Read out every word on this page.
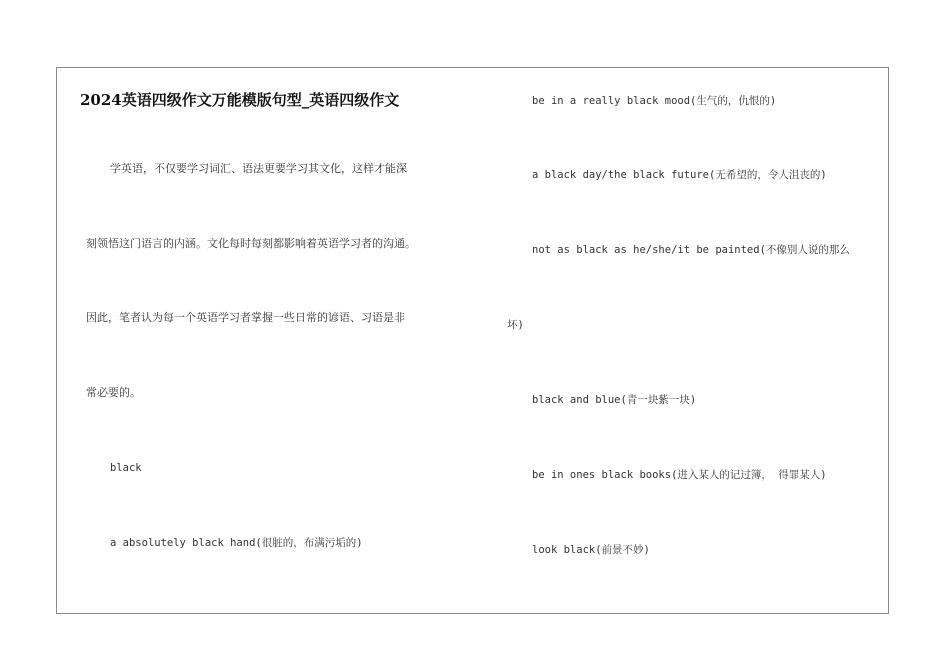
2024英语四级作文万能模版句型_英语四级作文
学英语，不仅要学习词汇、语法更要学习其文化，这样才能深
刻领悟这门语言的内涵。文化每时每刻都影响着英语学习者的沟通。
因此，笔者认为每一个英语学习者掌握一些日常的谚语、习语是非
常必要的。
black
a absolutely black hand(很脏的，布满污垢的)
be in a really black mood(生气的，仇恨的)
a black day/the black future(无希望的，令人沮丧的)
not as black as he/she/it be painted(不像别人说的那么
坏)
black and blue(青一块紫一块)
be in ones black books(进入某人的记过簿， 得罪某人)
look black(前景不妙)
